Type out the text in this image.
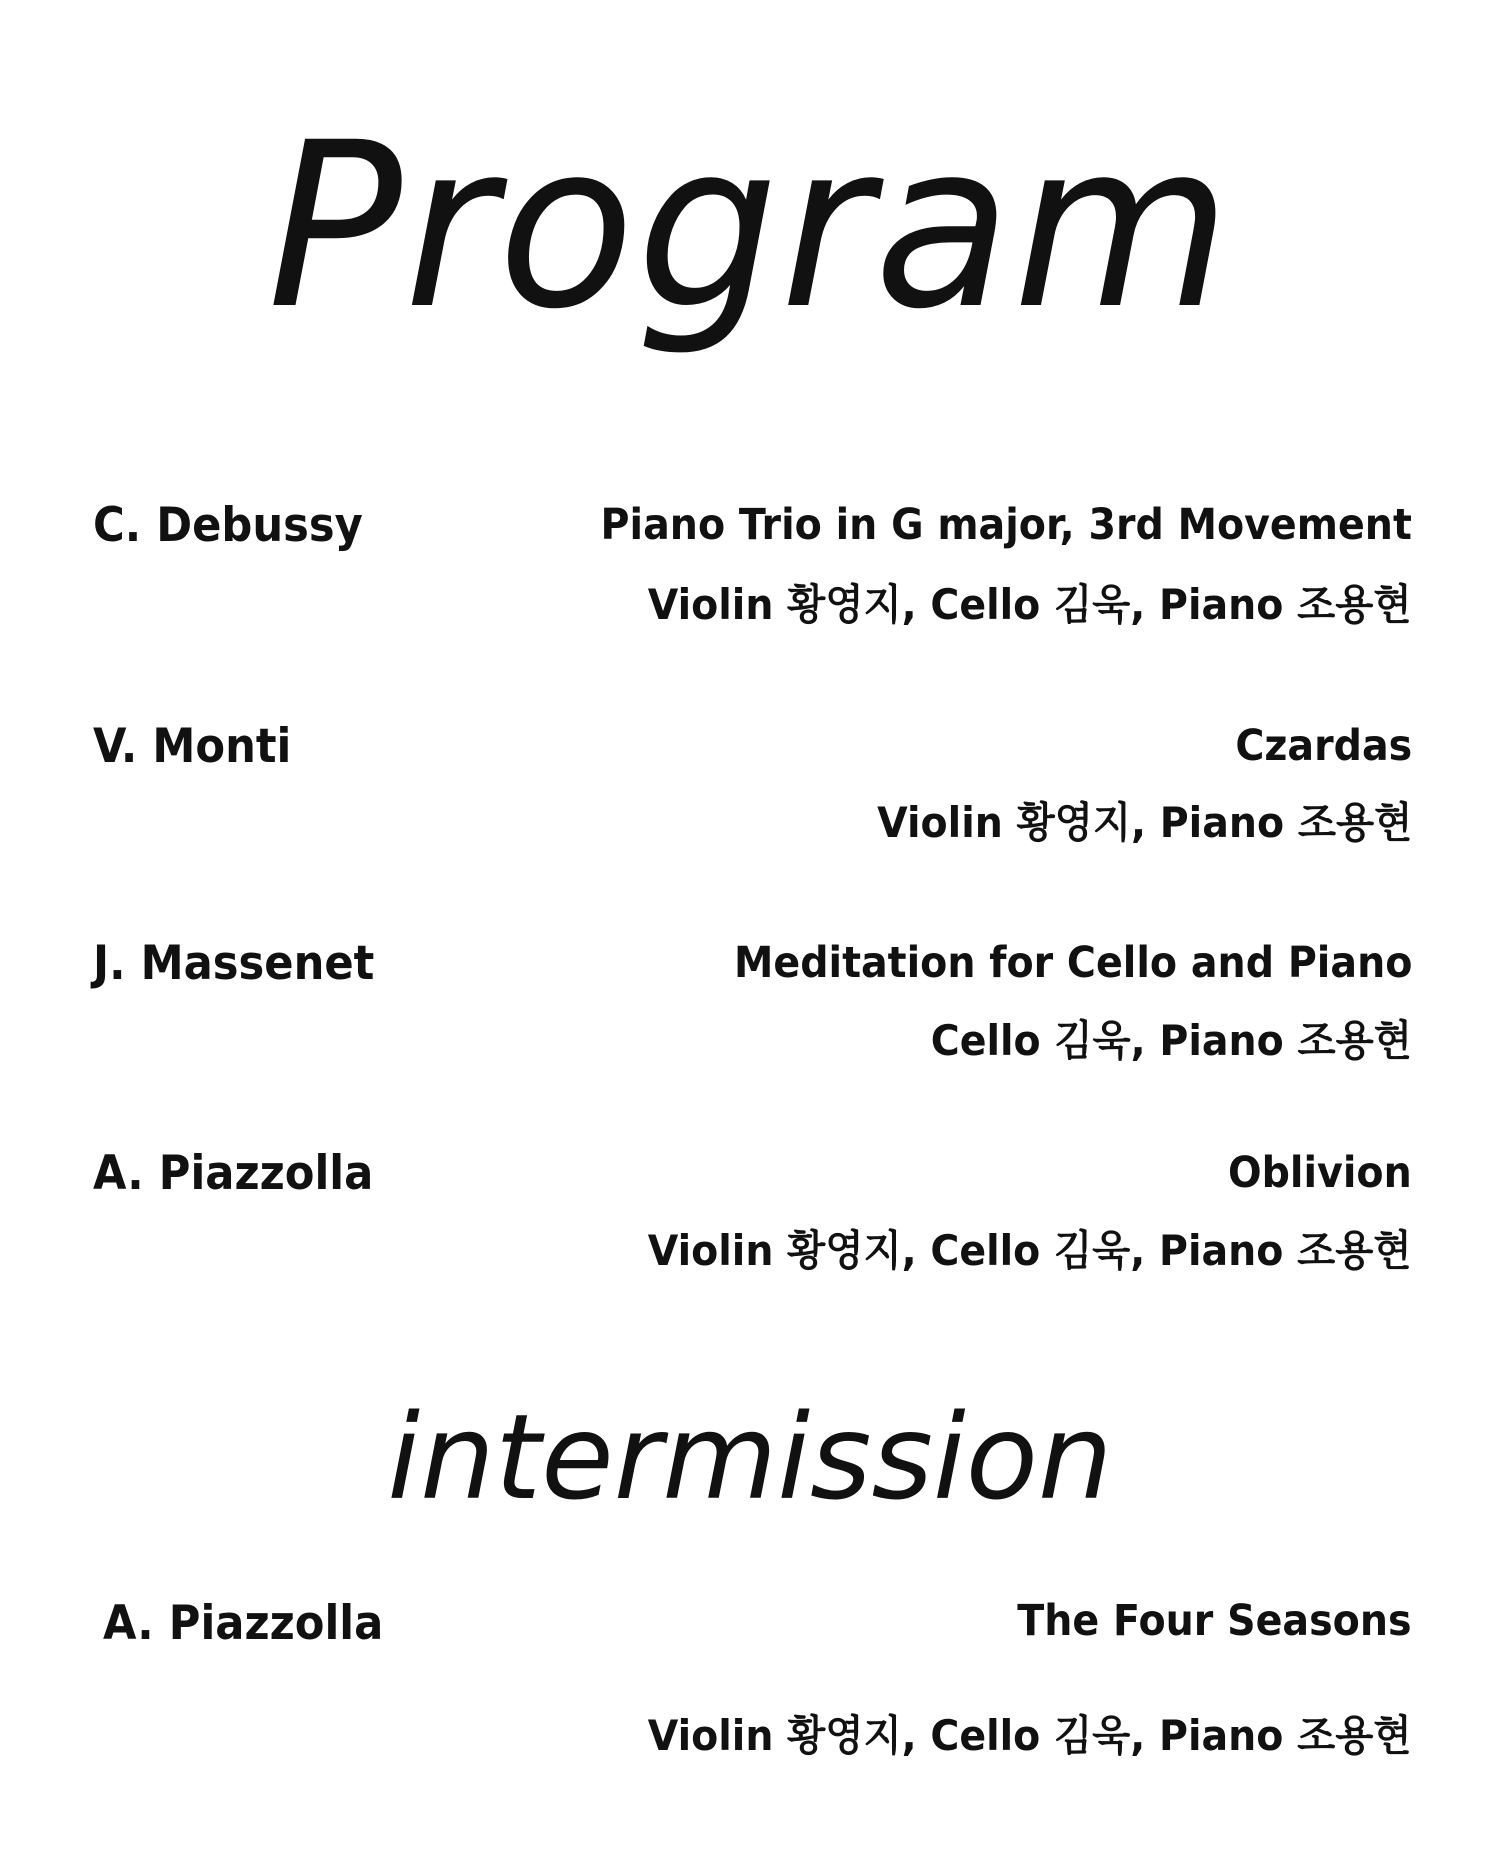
Program
C. Debussy	Piano Trio in G major, 3rd Movement
Violin 황영지, Cello 김욱, Piano 조용현
V. Monti	Czardas
Violin 황영지, Piano 조용현
J. Massenet	Meditation for Cello and Piano
Cello 김욱, Piano 조용현
A. Piazzolla	Oblivion
Violin 황영지, Cello 김욱, Piano 조용현
intermission
A. Piazzolla	The Four Seasons
Violin 황영지, Cello 김욱, Piano 조용현
